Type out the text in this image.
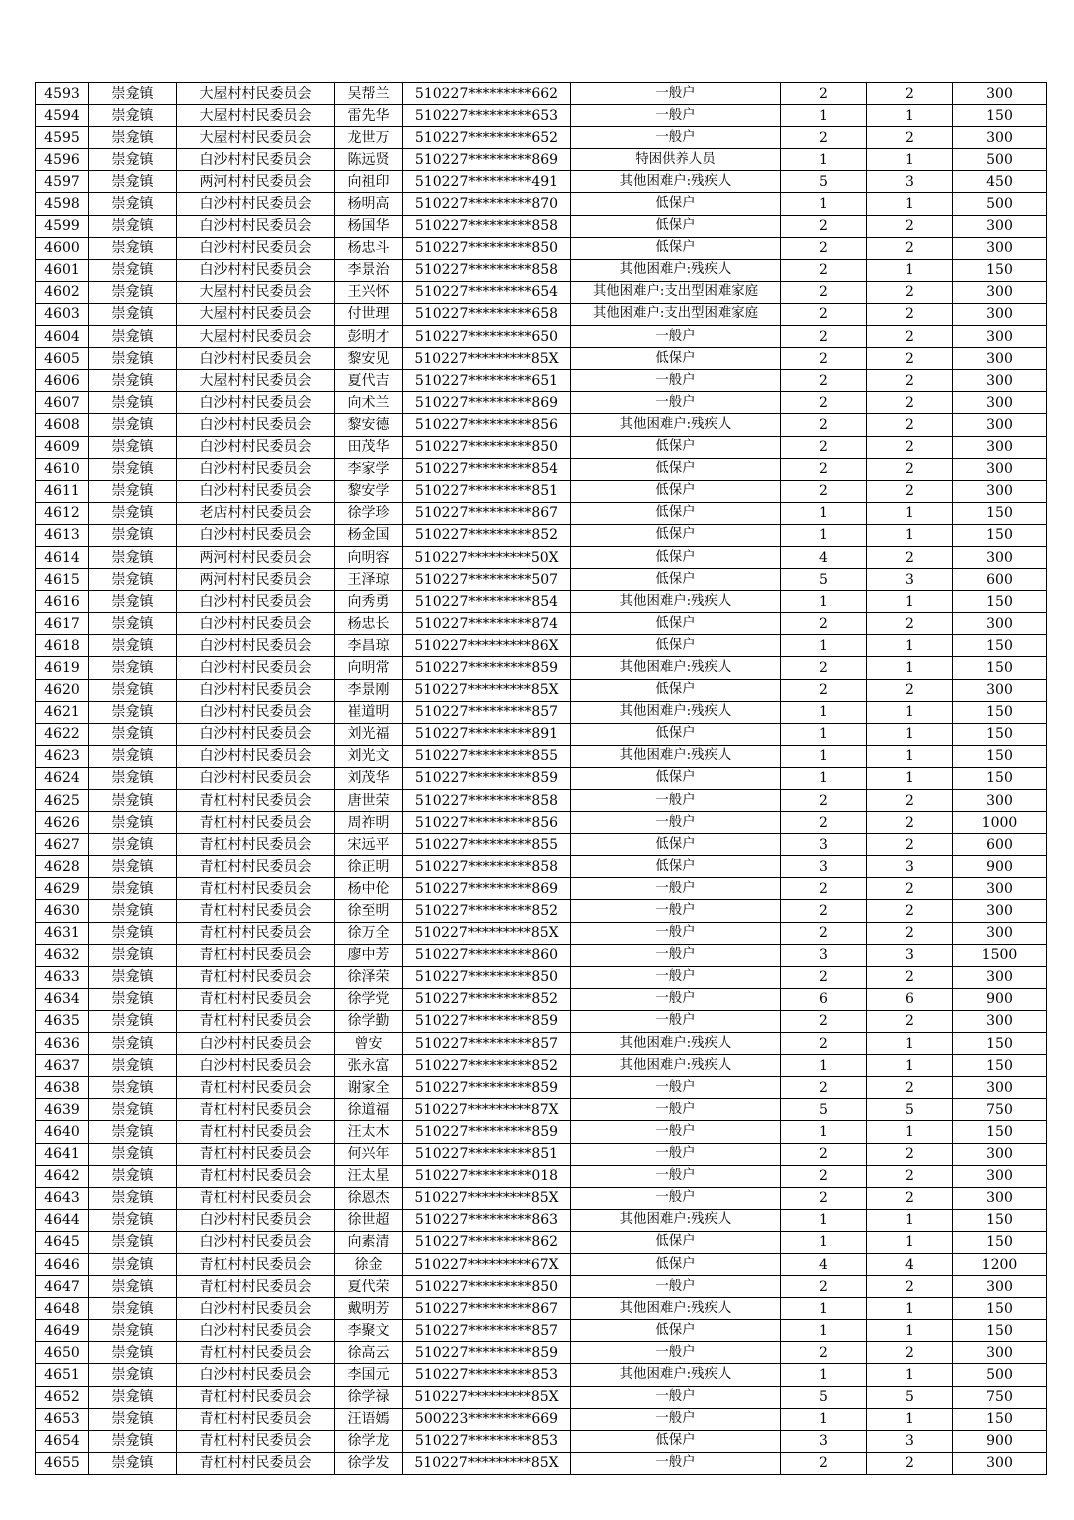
4593	崇龛镇	大屋村村民委员会	吴帮兰	510227*********662	一般户	2	2	300
4594	崇龛镇	大屋村村民委员会	雷先华	510227*********653	一般户	1	1	150
4595	崇龛镇	大屋村村民委员会	龙世万	510227*********652	一般户	2	2	300
4596	崇龛镇	白沙村村民委员会	陈远贤	510227*********869	特困供养人员	1	1	500
4597	崇龛镇	两河村村民委员会	向祖印	510227*********491	其他困难户:残疾人	5	3	450
4598	崇龛镇	白沙村村民委员会	杨明高	510227*********870	低保户	1	1	500
4599	崇龛镇	白沙村村民委员会	杨国华	510227*********858	低保户	2	2	300
4600	崇龛镇	白沙村村民委员会	杨忠斗	510227*********850	低保户	2	2	300
4601	崇龛镇	白沙村村民委员会	李景治	510227*********858	其他困难户:残疾人	2	1	150
4602	崇龛镇	大屋村村民委员会	王兴怀	510227*********654	其他困难户:支出型困难家庭	2	2	300
4603	崇龛镇	大屋村村民委员会	付世理	510227*********658	其他困难户:支出型困难家庭	2	2	300
4604	崇龛镇	大屋村村民委员会	彭明才	510227*********650	一般户	2	2	300
4605	崇龛镇	白沙村村民委员会	黎安见	510227*********85X	低保户	2	2	300
4606	崇龛镇	大屋村村民委员会	夏代吉	510227*********651	一般户	2	2	300
4607	崇龛镇	白沙村村民委员会	向术兰	510227*********869	一般户	2	2	300
4608	崇龛镇	白沙村村民委员会	黎安德	510227*********856	其他困难户:残疾人	2	2	300
4609	崇龛镇	白沙村村民委员会	田茂华	510227*********850	低保户	2	2	300
4610	崇龛镇	白沙村村民委员会	李家学	510227*********854	低保户	2	2	300
4611	崇龛镇	白沙村村民委员会	黎安学	510227*********851	低保户	2	2	300
4612	崇龛镇	老店村村民委员会	徐学珍	510227*********867	低保户	1	1	150
4613	崇龛镇	白沙村村民委员会	杨金国	510227*********852	低保户	1	1	150
4614	崇龛镇	两河村村民委员会	向明容	510227*********50X	低保户	4	2	300
4615	崇龛镇	两河村村民委员会	王泽琼	510227*********507	低保户	5	3	600
4616	崇龛镇	白沙村村民委员会	向秀勇	510227*********854	其他困难户:残疾人	1	1	150
4617	崇龛镇	白沙村村民委员会	杨忠长	510227*********874	低保户	2	2	300
4618	崇龛镇	白沙村村民委员会	李昌琼	510227*********86X	低保户	1	1	150
4619	崇龛镇	白沙村村民委员会	向明常	510227*********859	其他困难户:残疾人	2	1	150
4620	崇龛镇	白沙村村民委员会	李景刚	510227*********85X	低保户	2	2	300
4621	崇龛镇	白沙村村民委员会	崔道明	510227*********857	其他困难户:残疾人	1	1	150
4622	崇龛镇	白沙村村民委员会	刘光福	510227*********891	低保户	1	1	150
4623	崇龛镇	白沙村村民委员会	刘光文	510227*********855	其他困难户:残疾人	1	1	150
4624	崇龛镇	白沙村村民委员会	刘茂华	510227*********859	低保户	1	1	150
4625	崇龛镇	青杠村村民委员会	唐世荣	510227*********858	一般户	2	2	300
4626	崇龛镇	青杠村村民委员会	周祚明	510227*********856	一般户	2	2	1000
4627	崇龛镇	青杠村村民委员会	宋远平	510227*********855	低保户	3	2	600
4628	崇龛镇	青杠村村民委员会	徐正明	510227*********858	低保户	3	3	900
4629	崇龛镇	青杠村村民委员会	杨中伦	510227*********869	一般户	2	2	300
4630	崇龛镇	青杠村村民委员会	徐至明	510227*********852	一般户	2	2	300
4631	崇龛镇	青杠村村民委员会	徐万全	510227*********85X	一般户	2	2	300
4632	崇龛镇	青杠村村民委员会	廖中芳	510227*********860	一般户	3	3	1500
4633	崇龛镇	青杠村村民委员会	徐泽荣	510227*********850	一般户	2	2	300
4634	崇龛镇	青杠村村民委员会	徐学党	510227*********852	一般户	6	6	900
4635	崇龛镇	青杠村村民委员会	徐学勤	510227*********859	一般户	2	2	300
4636	崇龛镇	白沙村村民委员会	曾安	510227*********857	其他困难户:残疾人	2	1	150
4637	崇龛镇	白沙村村民委员会	张永富	510227*********852	其他困难户:残疾人	1	1	150
4638	崇龛镇	青杠村村民委员会	谢家全	510227*********859	一般户	2	2	300
4639	崇龛镇	青杠村村民委员会	徐道福	510227*********87X	一般户	5	5	750
4640	崇龛镇	青杠村村民委员会	汪太木	510227*********859	一般户	1	1	150
4641	崇龛镇	青杠村村民委员会	何兴年	510227*********851	一般户	2	2	300
4642	崇龛镇	青杠村村民委员会	汪太星	510227*********018	一般户	2	2	300
4643	崇龛镇	青杠村村民委员会	徐恩杰	510227*********85X	一般户	2	2	300
4644	崇龛镇	白沙村村民委员会	徐世超	510227*********863	其他困难户:残疾人	1	1	150
4645	崇龛镇	白沙村村民委员会	向素清	510227*********862	低保户	1	1	150
4646	崇龛镇	青杠村村民委员会	徐金	510227*********67X	低保户	4	4	1200
4647	崇龛镇	青杠村村民委员会	夏代荣	510227*********850	一般户	2	2	300
4648	崇龛镇	白沙村村民委员会	戴明芳	510227*********867	其他困难户:残疾人	1	1	150
4649	崇龛镇	白沙村村民委员会	李聚文	510227*********857	低保户	1	1	150
4650	崇龛镇	青杠村村民委员会	徐高云	510227*********859	一般户	2	2	300
4651	崇龛镇	白沙村村民委员会	李国元	510227*********853	其他困难户:残疾人	1	1	500
4652	崇龛镇	青杠村村民委员会	徐学禄	510227*********85X	一般户	5	5	750
4653	崇龛镇	青杠村村民委员会	汪语嫣	500223*********669	一般户	1	1	150
4654	崇龛镇	青杠村村民委员会	徐学龙	510227*********853	低保户	3	3	900
4655	崇龛镇	青杠村村民委员会	徐学发	510227*********85X	一般户	2	2	300
